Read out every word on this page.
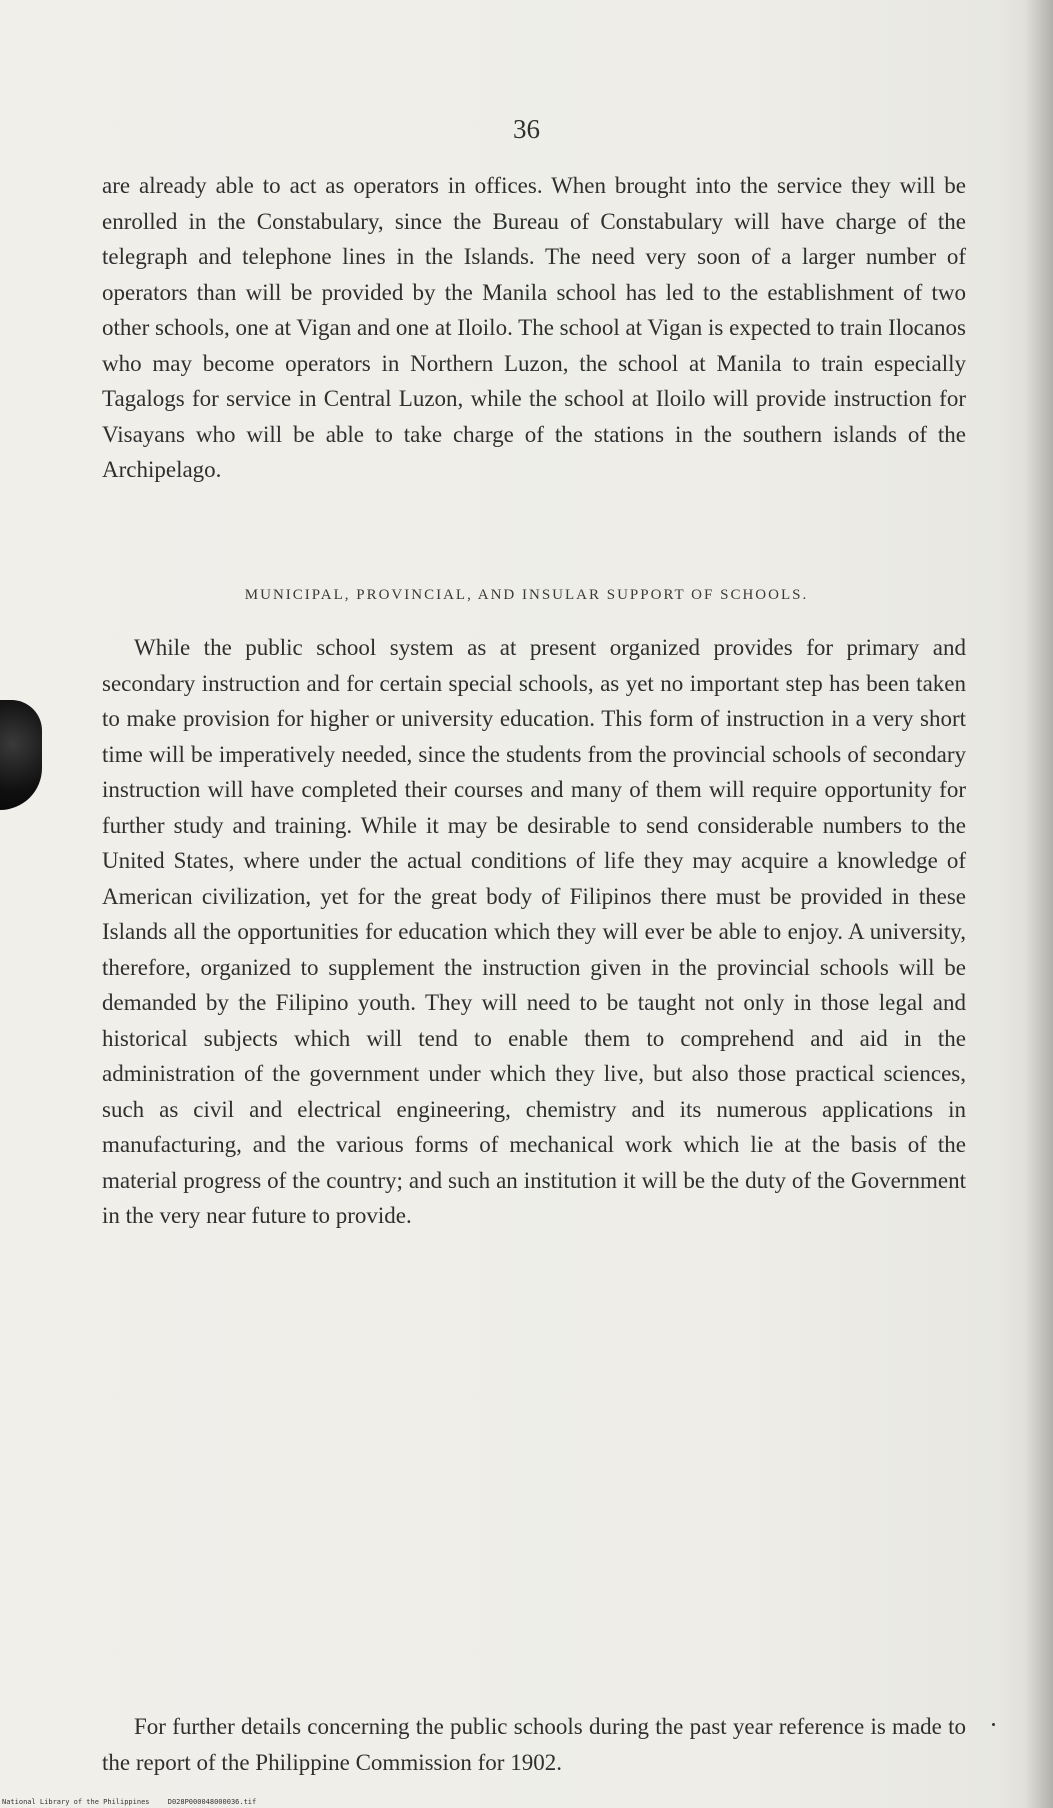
36
are already able to act as operators in offices. When brought into the service they will be enrolled in the Constabulary, since the Bureau of Constabulary will have charge of the telegraph and telephone lines in the Islands. The need very soon of a larger number of operators than will be provided by the Manila school has led to the establishment of two other schools, one at Vigan and one at Iloilo. The school at Vigan is expected to train Ilocanos who may become operators in Northern Luzon, the school at Manila to train especially Tagalogs for service in Central Luzon, while the school at Iloilo will provide instruction for Visayans who will be able to take charge of the stations in the southern islands of the Archipelago.
MUNICIPAL, PROVINCIAL, AND INSULAR SUPPORT OF SCHOOLS.
While the public school system as at present organized provides for primary and secondary instruction and for certain special schools, as yet no important step has been taken to make provision for higher or university education. This form of instruction in a very short time will be imperatively needed, since the students from the provincial schools of secondary instruction will have completed their courses and many of them will require opportunity for further study and training. While it may be desirable to send considerable numbers to the United States, where under the actual conditions of life they may acquire a knowledge of American civilization, yet for the great body of Filipinos there must be provided in these Islands all the opportunities for education which they will ever be able to enjoy. A university, therefore, organized to supplement the instruction given in the provincial schools will be demanded by the Filipino youth. They will need to be taught not only in those legal and historical subjects which will tend to enable them to comprehend and aid in the administration of the government under which they live, but also those practical sciences, such as civil and electrical engineering, chemistry and its numerous applications in manufacturing, and the various forms of mechanical work which lie at the basis of the material progress of the country; and such an institution it will be the duty of the Government in the very near future to provide.
For further details concerning the public schools during the past year reference is made to the report of the Philippine Commission for 1902.
National Library of the Philippines	D028P000048000036.tif
